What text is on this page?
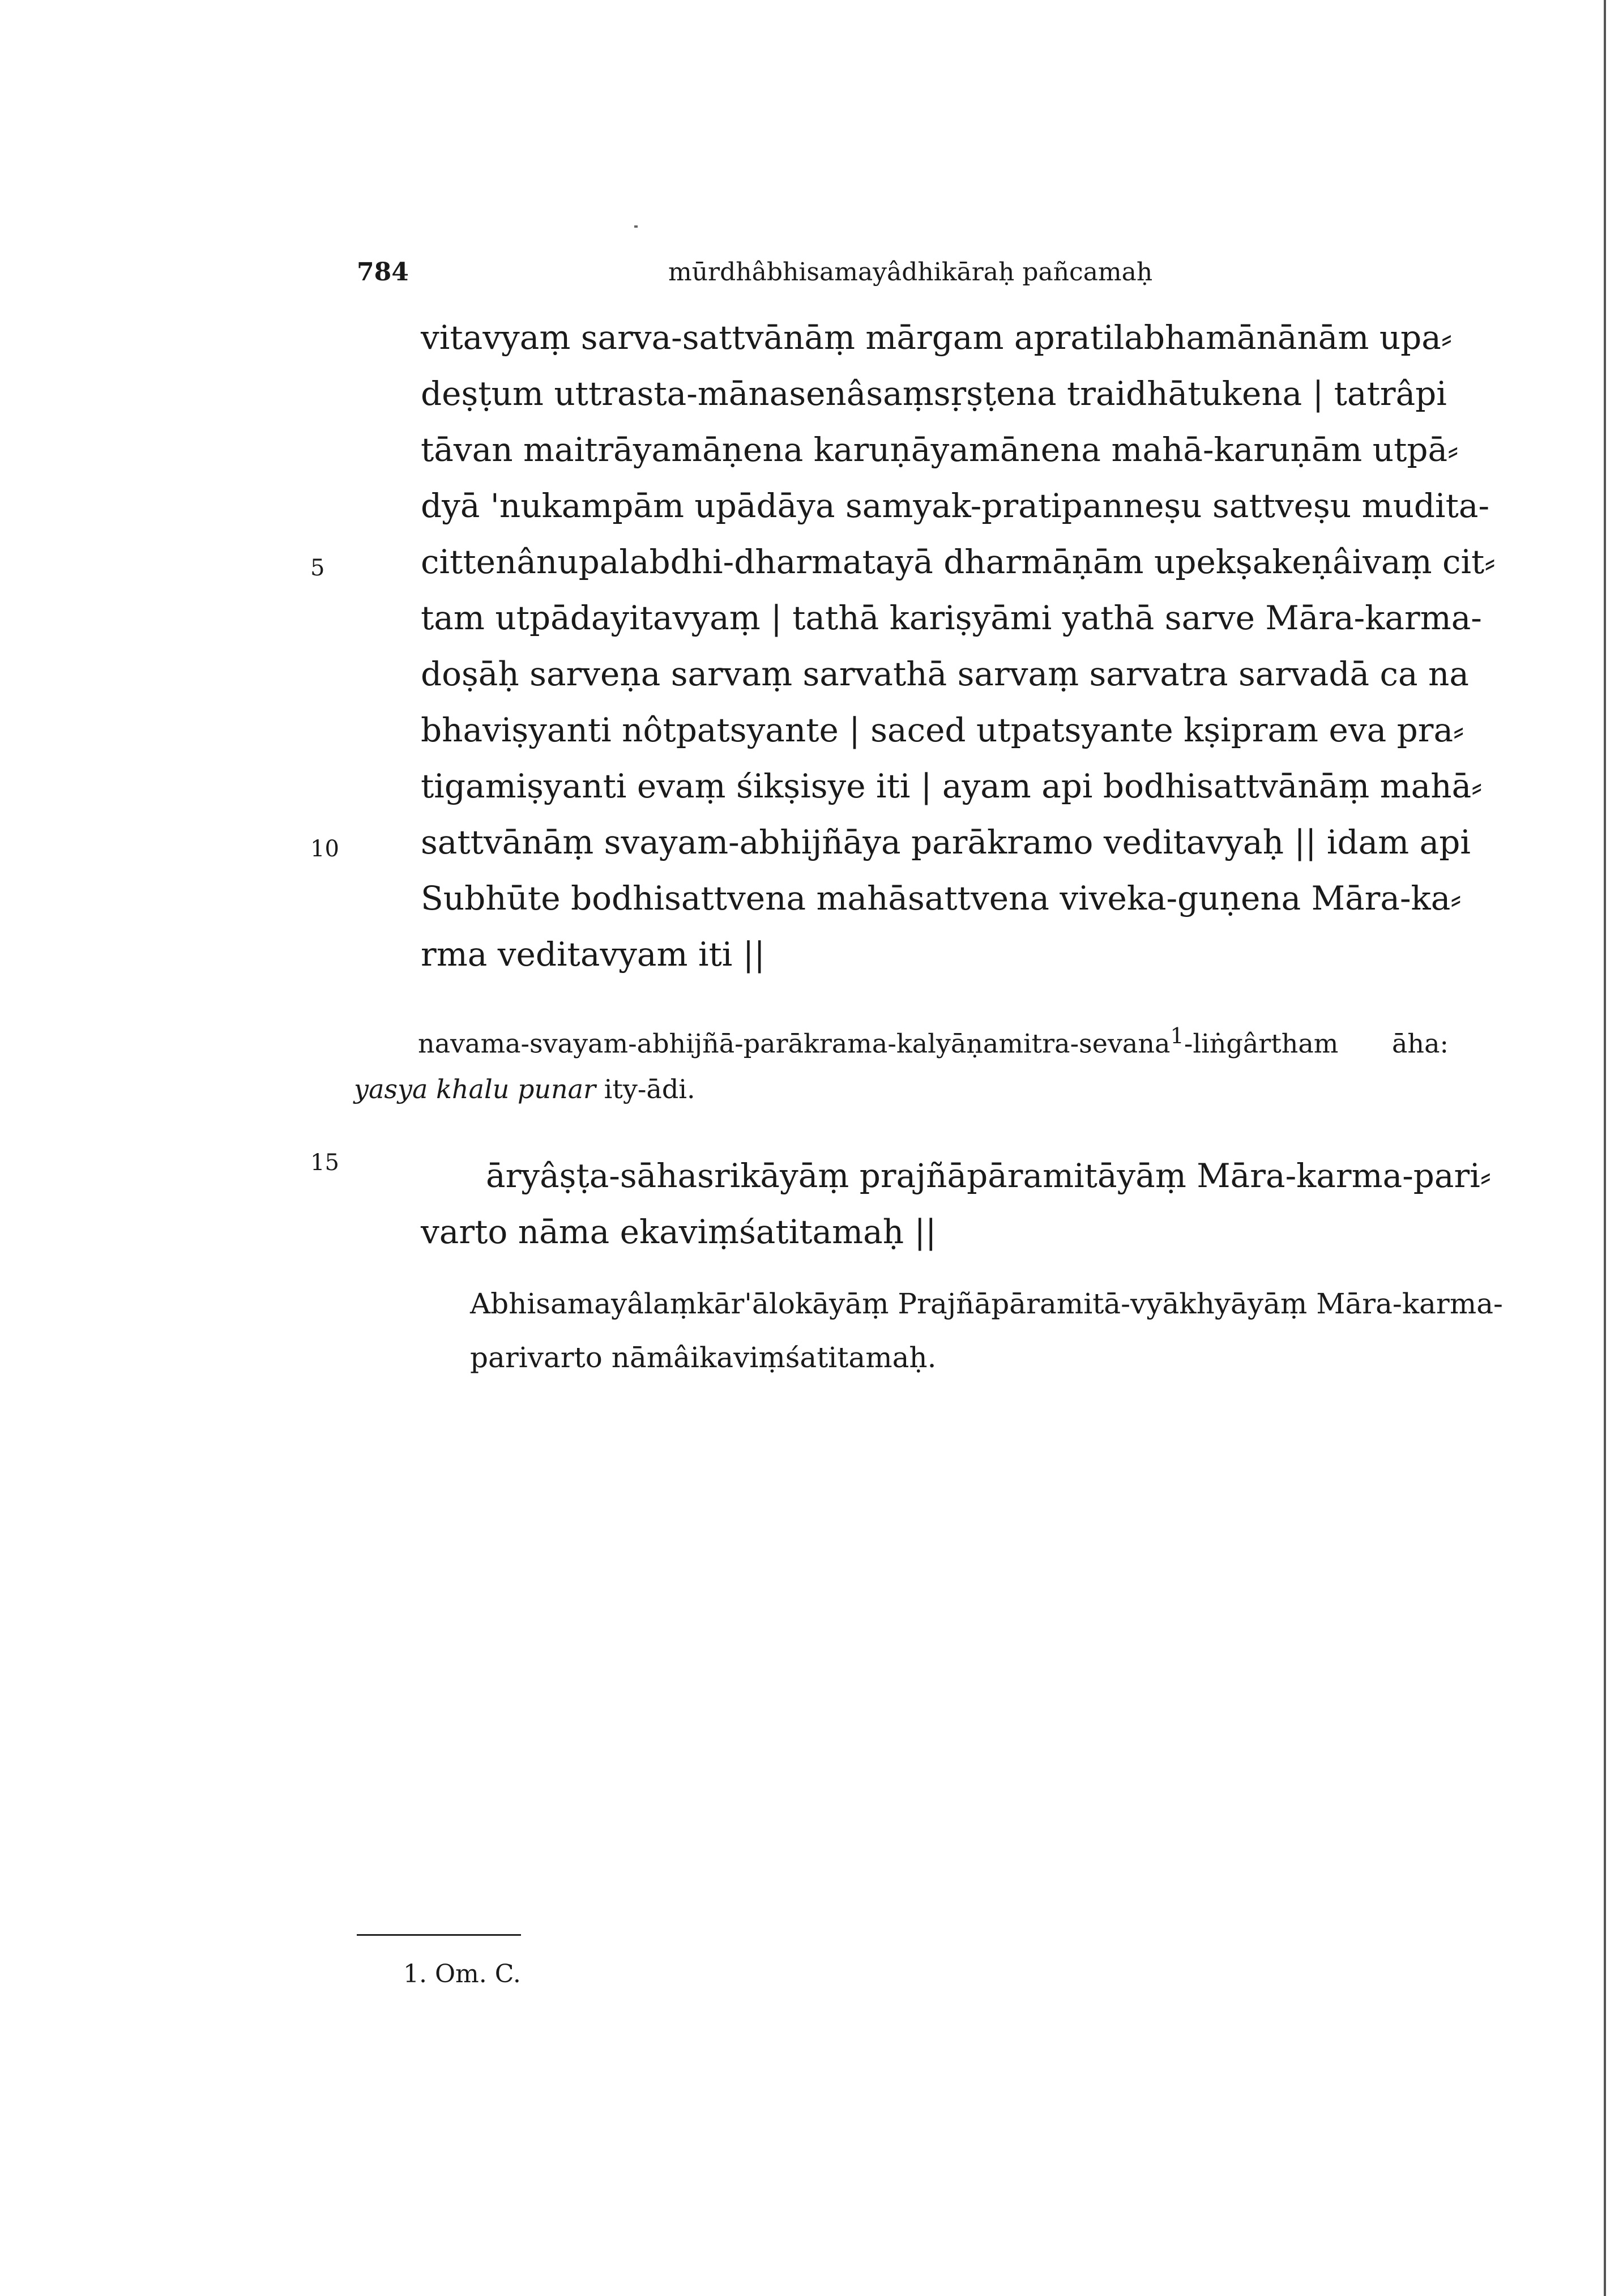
784	mūrdhâbhisamayâdhikāraḥ pañcamaḥ
vitavyaṃ sarva-sattvānāṃ mārgam apratilabhamānānām upa⸗
deṣṭum uttrasta-mānasenâsaṃsṛṣṭena traidhātukena | tatrâpi
tāvan maitrāyamāṇena karuṇāyamānena mahā-karuṇām utpā⸗
dyā 'nukampām upādāya samyak-pratipanneṣu sattveṣu mudita-
cittenânupalabdhi-dharmatayā dharmāṇām upekṣakeṇâivaṃ cit⸗
tam utpādayitavyaṃ | tathā kariṣyāmi yathā sarve Māra-karma-
doṣāḥ sarveṇa sarvaṃ sarvathā sarvaṃ sarvatra sarvadā ca na
bhaviṣyanti nôtpatsyante | saced utpatsyante kṣipram eva pra⸗
tigamiṣyanti evaṃ śikṣisye iti | ayam api bodhisattvānāṃ mahā⸗
sattvānāṃ svayam-abhijñāya parākramo veditavyaḥ || idam api
Subhūte bodhisattvena mahāsattvena viveka-guṇena Māra-ka⸗
rma veditavyam iti ||
5
10
15
navama-svayam-abhijñā-parākrama-kalyāṇamitra-sevana$^1$-liṅgârtham āha:
yasya khalu punar ity-ādi.
āryâṣṭa-sāhasrikāyāṃ prajñāpāramitāyāṃ Māra-karma-pari⸗
varto nāma ekaviṃśatitamaḥ ||
Abhisamayâlaṃkār'ālokāyāṃ Prajñāpāramitā-vyākhyāyāṃ Māra-karma-
parivarto nāmâikaviṃśatitamaḥ.
1. Om. C.
